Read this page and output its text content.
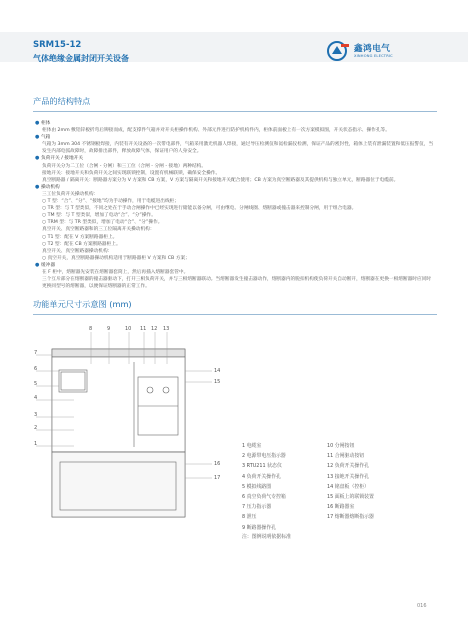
SRM15-12
气体绝缘金属封闭开关设备
鑫鸿电气
XINHONG ELECTRIC
产品的结构特点

● 柜体

柜体由 2mm 敷铝锌板折弯后铆接而成，配支撑件气箱并对开关柜操作机构、外部元件进行防护机构件内，柜体前面板上有一次方案模拟图，开关状态指示、操作孔等。

● 气箱

气箱为 3mm 304 不锈钢板焊接，内装有开关设备的一次带电部件，气箱采用激光机器人焊接，通过导压检测仪和氦检漏仪检测，保证产品的密封性，箱体上装有泄漏装置和低压报警仪，当发生内部电弧故障时，故障排出部件，释放故障气体，保证用户的人身安全。

● 负荷开关 / 接地开关

负荷开关分为二工位（合闸 - 分闸）和三工位（合闸 - 分闸 - 接地）两种结构。

接地开关：接地开关和负荷开关之间实现联锁控制，设置有机械联锁，确保安全操作。

真空断路器 / 隔离开关：断路器方案分为 V 方案和 CB 方案，V 方案与隔离开关和接地开关配合使用；CB 方案为真空断路器及其提供机构与独立单元，断路器位于电缆前。

● 操动机构

三工位负荷开关操动机构：

○ T 型：“合”、“分”、“接地”均为手动操作，用于电缆进出线柜；

○ TR 型：与 T 型类似，不同之处在于手动合闸操作中已经实现进行储能以备分闸，可由继电、分闸线圈、熔断器或撞击器来控制分闸，用于组合电器。

○ TM 型：与 T 型类似，增加了电动“合”、“分”操作。

○ TRM 型：与 TR 型类似，增加了电动“合”、“分”操作。

真空开关、真空断路器和的三工位隔离开关操动机构：

○ T1 型：配在 V 方案断路器柜上。

○ T2 型：配在 CB 方案断路器柜上。

真空开关、真空断路器操动机构：

○ 真空开关，真空断路器操动机构适用于断路器柜 V 方案和 CB 方案；

● 缓冲器

在 F 柜中，熔断器先安装在熔断器套筒上，然后再插入熔断器套管中。

三个互斥部分在熔断器的撞击器驱动下，打开三相负荷开关，并与三相熔断器联动。当熔断器发生撞击器动作，熔断器内的脱扣机构使负荷开关自动断开，熔断器在更换一相熔断器时应同时更换同型号的熔断器，以便保证熔断器的正常工作。

功能单元尺寸示意图 (mm)
8	9	10 11 12 13
7
6
5
4
3
2
1
14
15
16
17
1 电缆室
2 电源带电压指示器
3 RTU211 状态仪
4 负荷开关操作孔
5 模拟线路图
6 真空负荷气专控箱
7 压力指示器
8 泄压
9 断路器操作孔
10 分闸按钮
11 合闸驱动按钮
12 负荷开关操作孔
13 接地开关操作孔
14 铭盘板（控柜）
15 面板上的联锁装置
16 断路器室
17 熔断器熔断指示器
注：图例说明依据标准
016
